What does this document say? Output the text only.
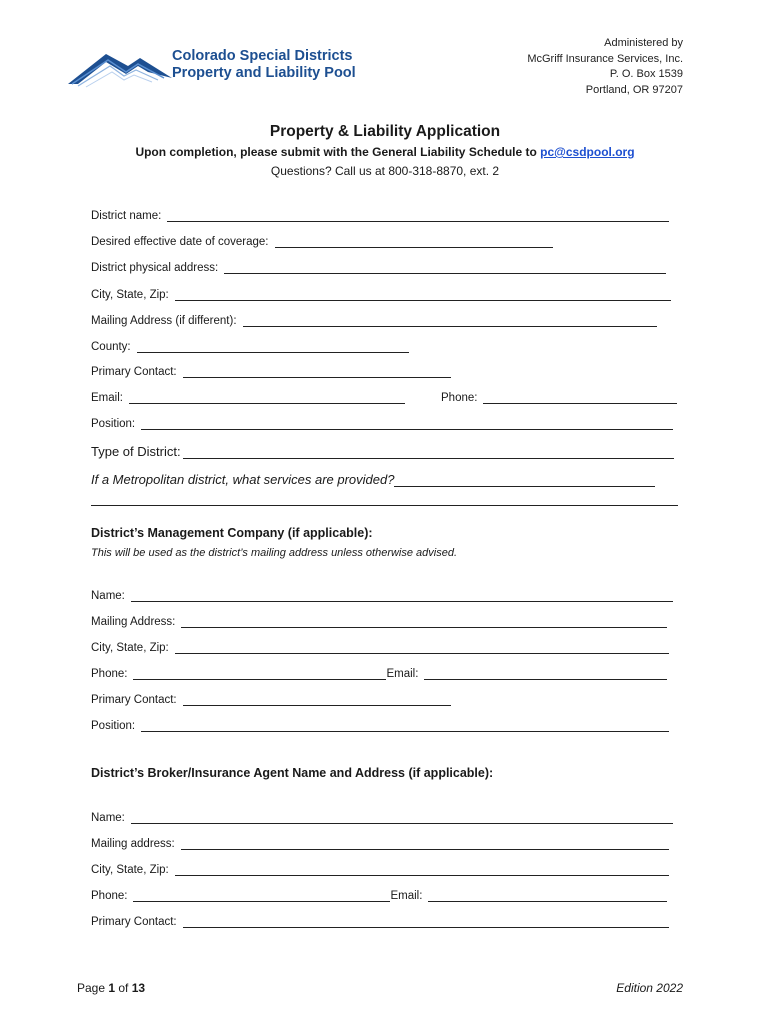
Colorado Special Districts
Property and Liability Pool
Administered by
McGriff Insurance Services, Inc.
P. O. Box 1539
Portland, OR 97207
Property & Liability Application
Upon completion, please submit with the General Liability Schedule to pc@csdpool.org
Questions? Call us at 800-318-8870, ext. 2
District name:
Desired effective date of coverage:
District physical address:
City, State, Zip:
Mailing Address (if different):
County:
Primary Contact:
Email:	Phone:
Position:
Type of District:
If a Metropolitan district, what services are provided?
District’s Management Company (if applicable):
This will be used as the district’s mailing address unless otherwise advised.
Name:
Mailing Address:
City, State, Zip:
Phone:	Email:
Primary Contact:
Position:
District’s Broker/Insurance Agent Name and Address (if applicable):
Name:
Mailing address:
City, State, Zip:
Phone:	Email:
Primary Contact:
Page 1 of 13	Edition 2022
